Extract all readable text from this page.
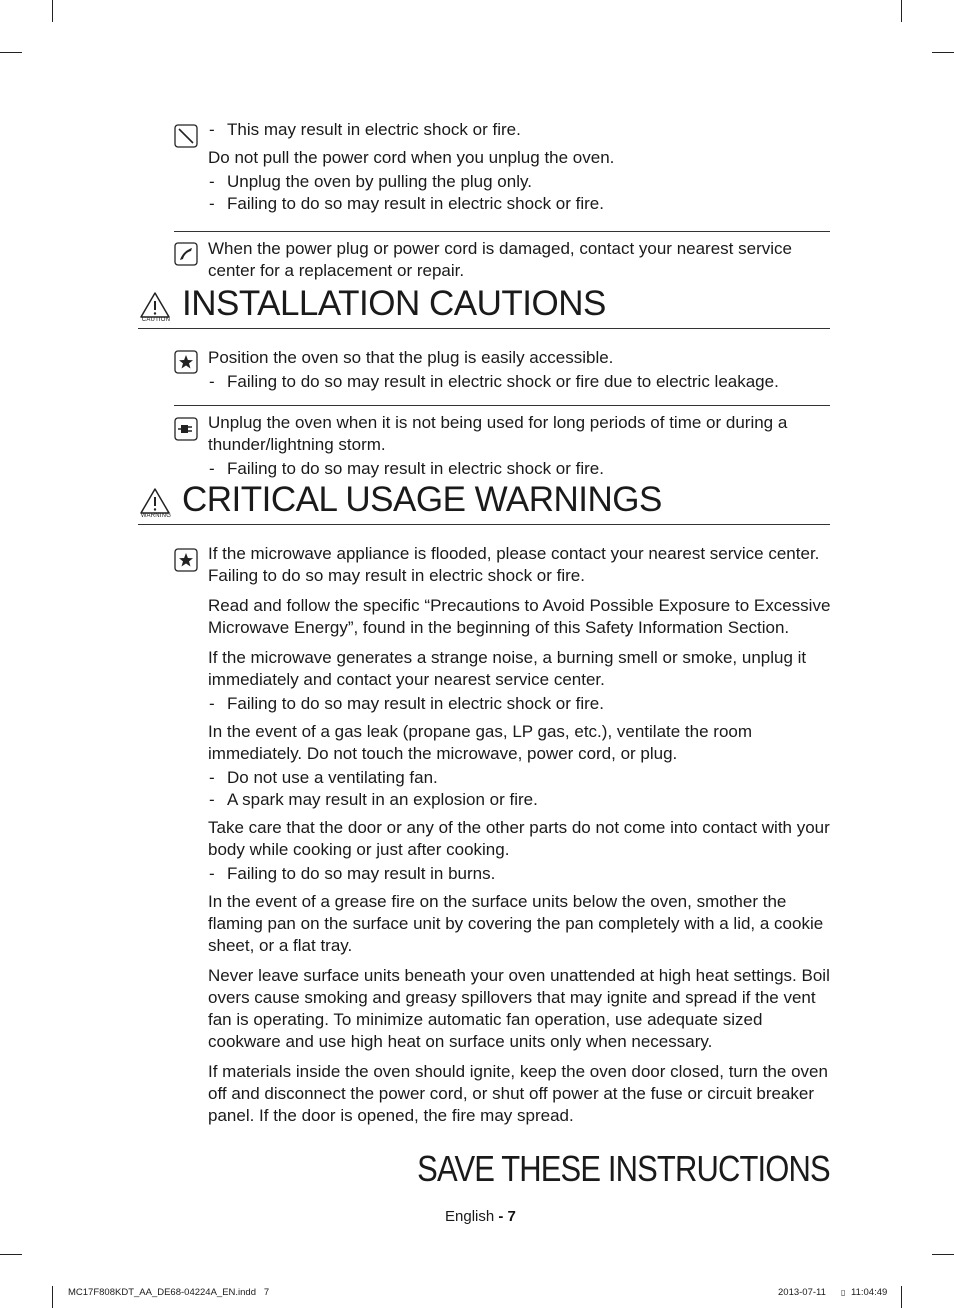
- This may result in electric shock or fire.

Do not pull the power cord when you unplug the oven.

- Unplug the oven by pulling the plug only.

- Failing to do so may result in electric shock or fire.

When the power plug or power cord is damaged, contact your nearest service center for a replacement or repair.

CAUTION INSTALLATION CAUTIONS

Position the oven so that the plug is easily accessible.

- Failing to do so may result in electric shock or fire due to electric leakage.

Unplug the oven when it is not being used for long periods of time or during a thunder/lightning storm.

- Failing to do so may result in electric shock or fire.

WARNING CRITICAL USAGE WARNINGS

If the microwave appliance is flooded, please contact your nearest service center. Failing to do so may result in electric shock or fire.

Read and follow the specific “Precautions to Avoid Possible Exposure to Excessive Microwave Energy”, found in the beginning of this Safety Information Section.

If the microwave generates a strange noise, a burning smell or smoke, unplug it immediately and contact your nearest service center.

- Failing to do so may result in electric shock or fire.

In the event of a gas leak (propane gas, LP gas, etc.), ventilate the room immediately. Do not touch the microwave, power cord, or plug.

- Do not use a ventilating fan.

- A spark may result in an explosion or fire.

Take care that the door or any of the other parts do not come into contact with your body while cooking or just after cooking.

- Failing to do so may result in burns.

In the event of a grease fire on the surface units below the oven, smother the flaming pan on the surface unit by covering the pan completely with a lid, a cookie sheet, or a flat tray.

Never leave surface units beneath your oven unattended at high heat settings. Boil overs cause smoking and greasy spillovers that may ignite and spread if the vent fan is operating. To minimize automatic fan operation, use adequate sized cookware and use high heat on surface units only when necessary.

If materials inside the oven should ignite, keep the oven door closed, turn the oven off and disconnect the power cord, or shut off power at the fuse or circuit breaker panel. If the door is opened, the fire may spread.

SAVE THESE INSTRUCTIONS
English - 7
MC17F808KDT_AA_DE68-04224A_EN.indd   7	2013-07-11 ▯ 11:04:49
